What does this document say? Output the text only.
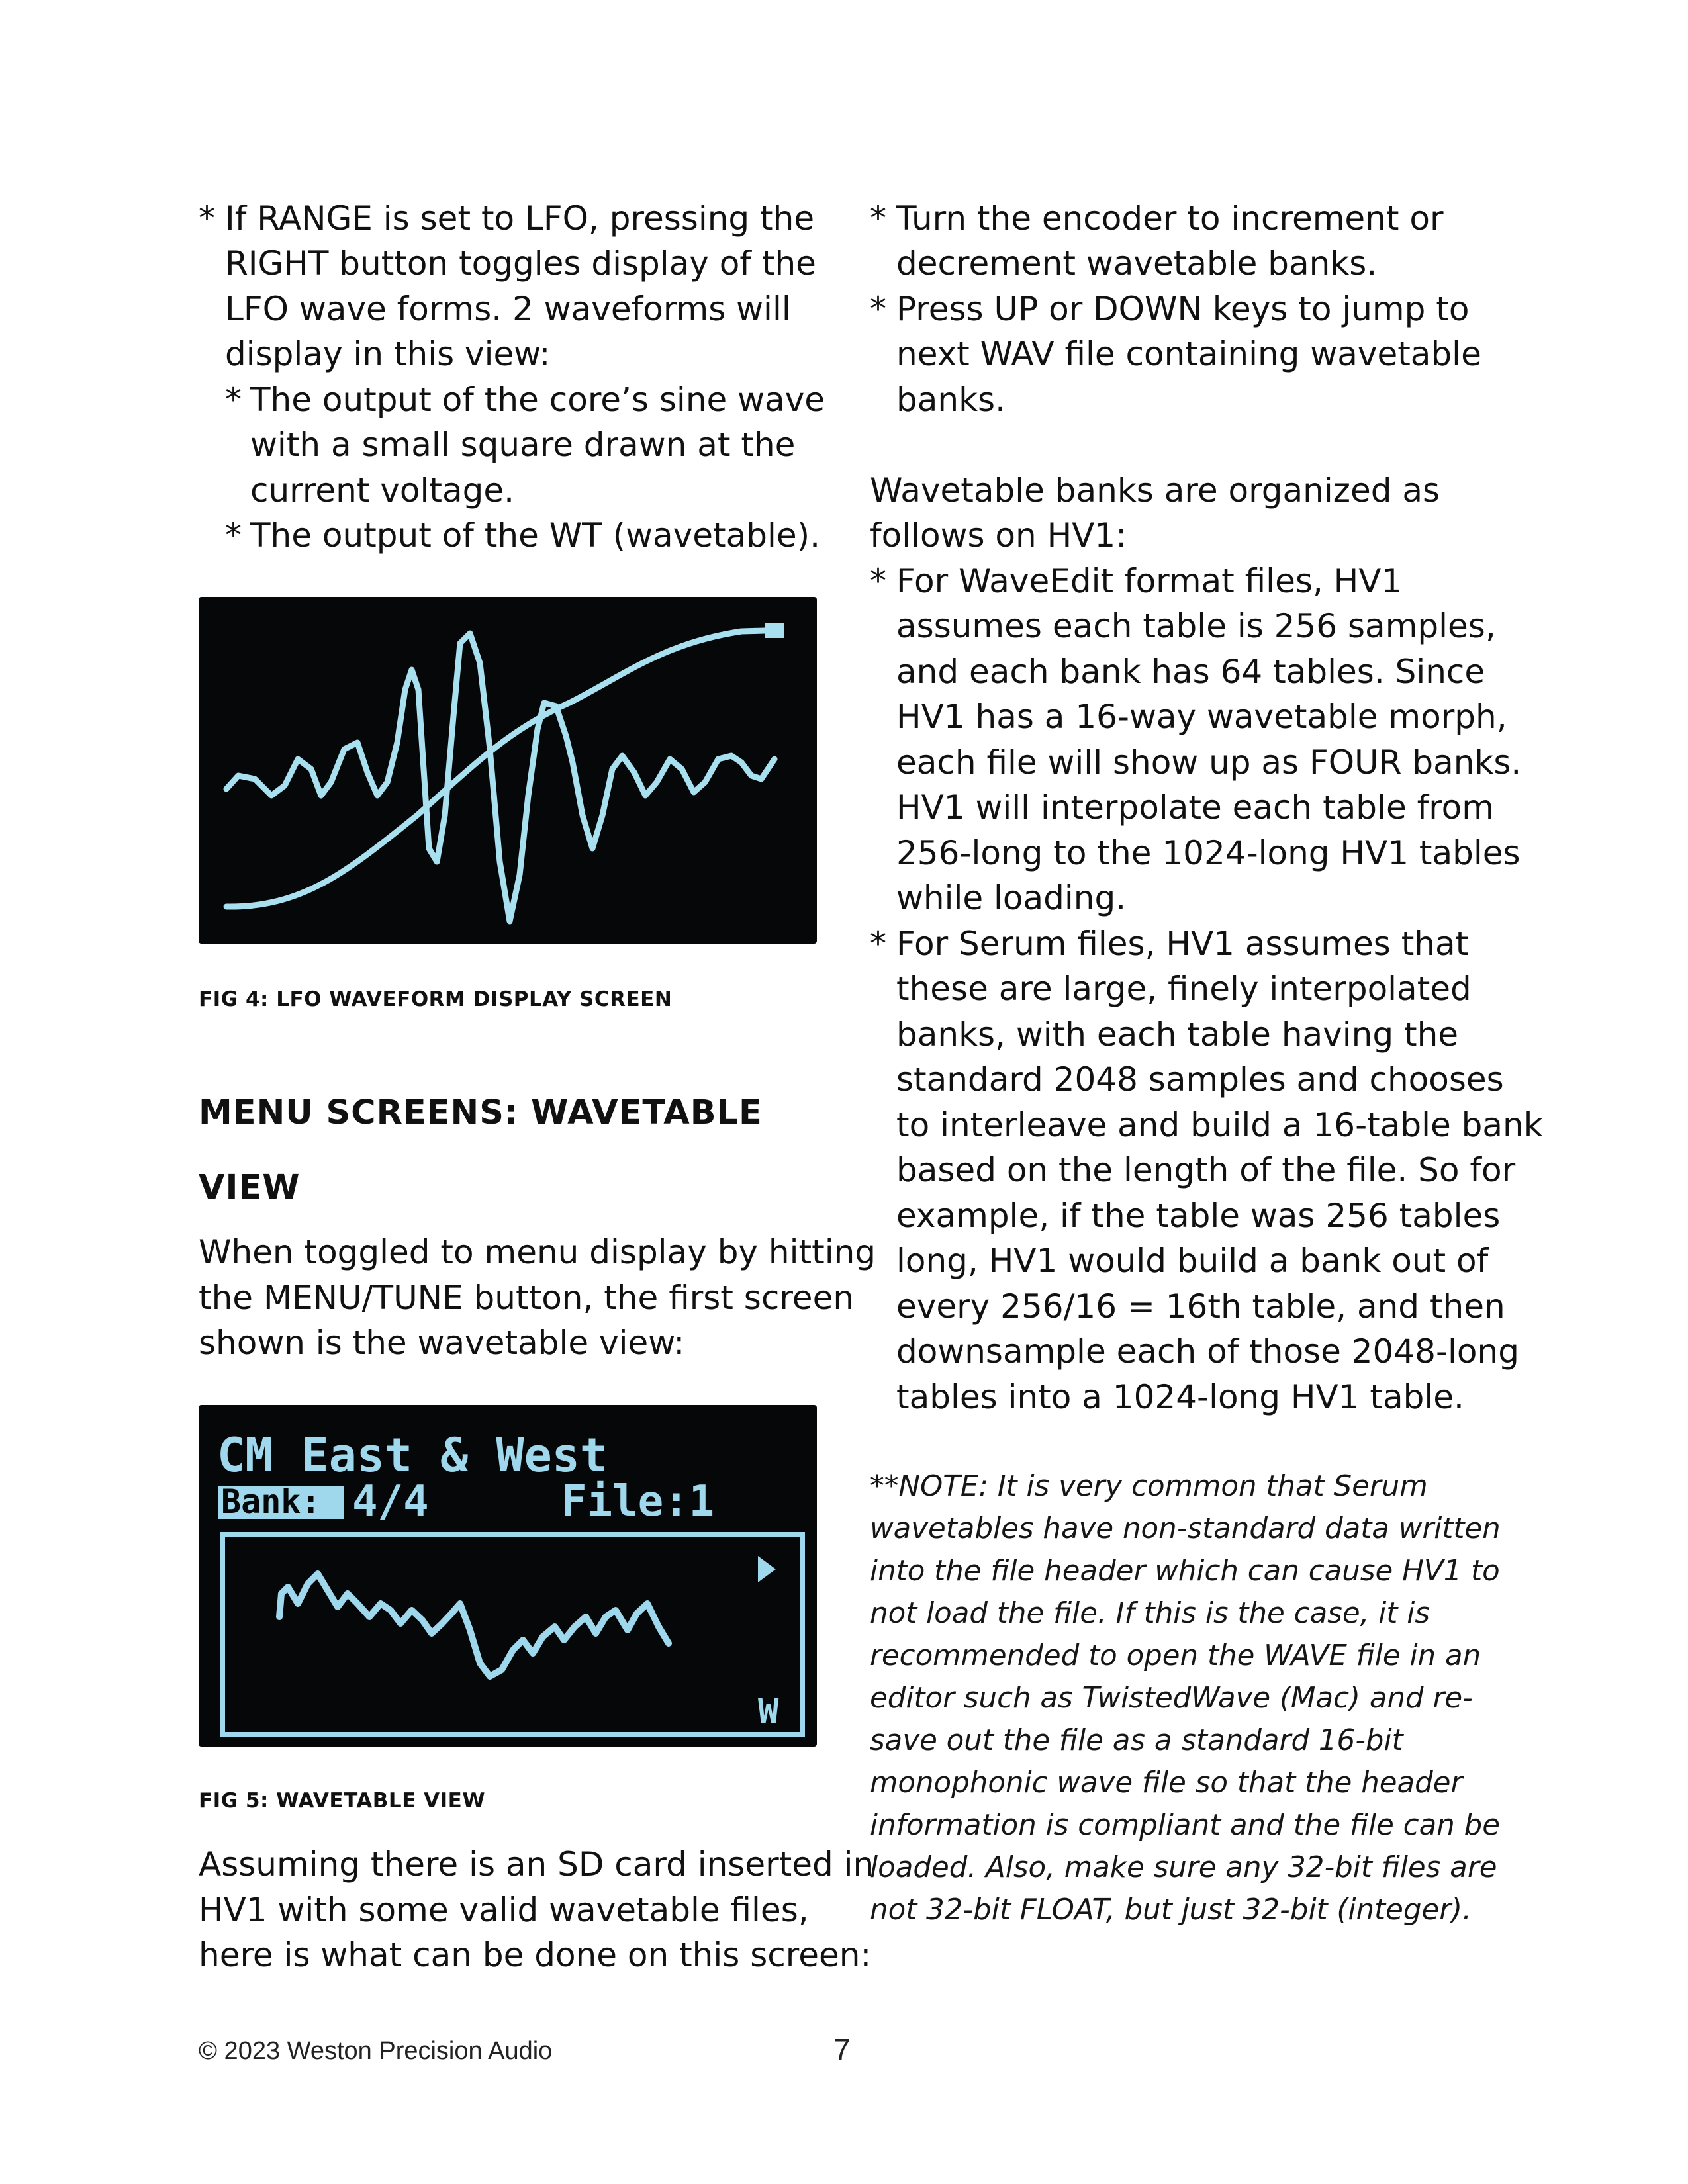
* If RANGE is set to LFO, pressing the
RIGHT button toggles display of the
LFO wave forms. 2 waveforms will
display in this view:
* The output of the core’s sine wave
with a small square drawn at the
current voltage.
* The output of the WT (wavetable).
FIG 4: LFO WAVEFORM DISPLAY SCREEN
MENU SCREENS: WAVETABLE
VIEW
When toggled to menu display by hitting
the MENU/TUNE button, the first screen
shown is the wavetable view:
CM East & West
Bank: 4/4	File:1
W
FIG 5: WAVETABLE VIEW
Assuming there is an SD card inserted in
HV1 with some valid wavetable files,
here is what can be done on this screen:
* Turn the encoder to increment or
decrement wavetable banks.
* Press UP or DOWN keys to jump to
next WAV file containing wavetable
banks.
Wavetable banks are organized as
follows on HV1:
* For WaveEdit format files, HV1
assumes each table is 256 samples,
and each bank has 64 tables. Since
HV1 has a 16-way wavetable morph,
each file will show up as FOUR banks.
HV1 will interpolate each table from
256-long to the 1024-long HV1 tables
while loading.
* For Serum files, HV1 assumes that
these are large, finely interpolated
banks, with each table having the
standard 2048 samples and chooses
to interleave and build a 16-table bank
based on the length of the file. So for
example, if the table was 256 tables
long, HV1 would build a bank out of
every 256/16 = 16th table, and then
downsample each of those 2048-long
tables into a 1024-long HV1 table.
**NOTE: It is very common that Serum
wavetables have non-standard data written
into the file header which can cause HV1 to
not load the file. If this is the case, it is
recommended to open the WAVE file in an
editor such as TwistedWave (Mac) and re-
save out the file as a standard 16-bit
monophonic wave file so that the header
information is compliant and the file can be
loaded. Also, make sure any 32-bit files are
not 32-bit FLOAT, but just 32-bit (integer).
© 2023 Weston Precision Audio	7
